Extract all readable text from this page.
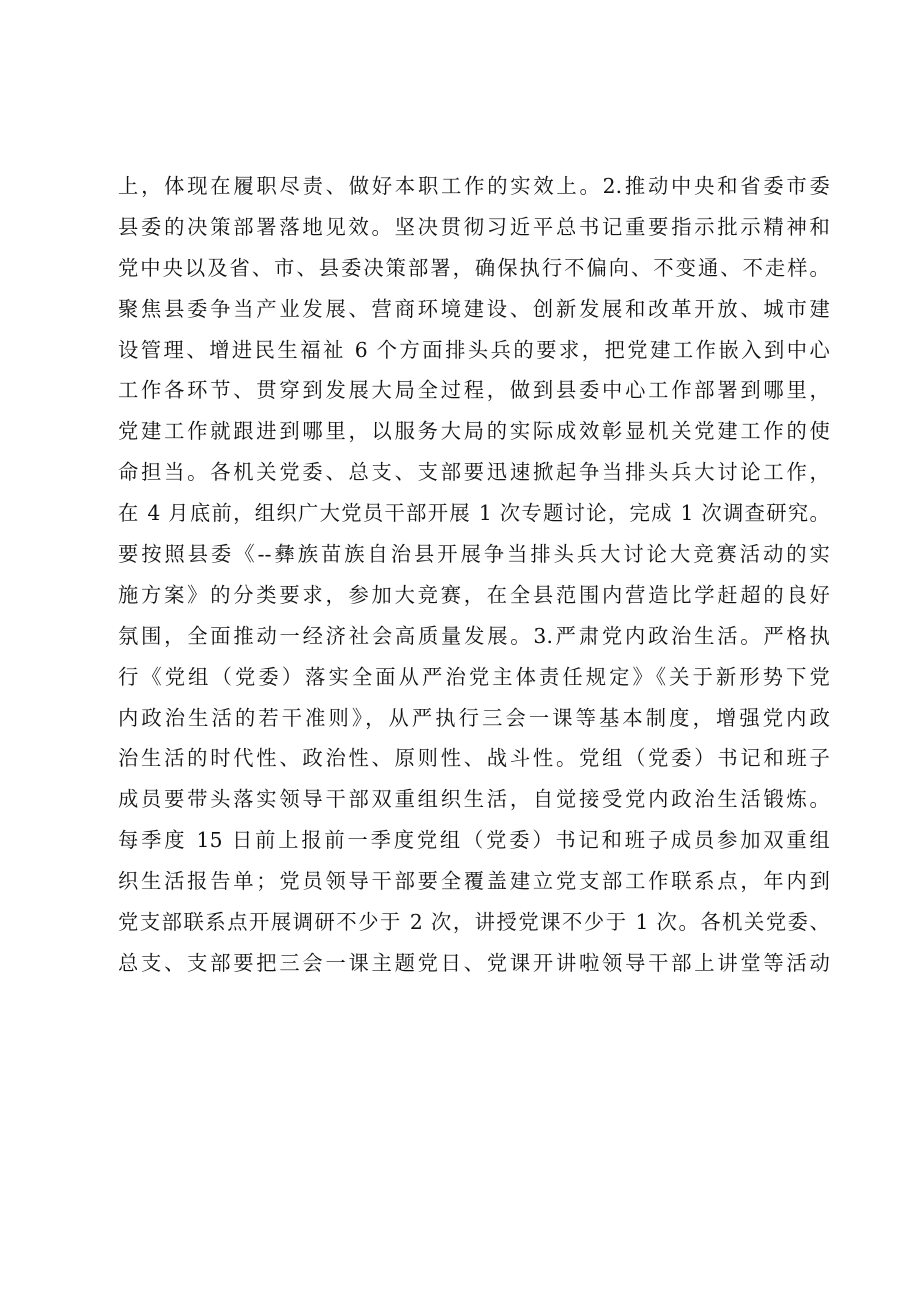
上，体现在履职尽责、做好本职工作的实效上。2.推动中央和省委市委
县委的决策部署落地见效。坚决贯彻习近平总书记重要指示批示精神和
党中央以及省、市、县委决策部署，确保执行不偏向、不变通、不走样。
聚焦县委争当产业发展、营商环境建设、创新发展和改革开放、城市建
设管理、增进民生福祉 6 个方面排头兵的要求，把党建工作嵌入到中心
工作各环节、贯穿到发展大局全过程，做到县委中心工作部署到哪里，
党建工作就跟进到哪里，以服务大局的实际成效彰显机关党建工作的使
命担当。各机关党委、总支、支部要迅速掀起争当排头兵大讨论工作，
在 4 月底前，组织广大党员干部开展 1 次专题讨论，完成 1 次调查研究。
要按照县委《--彝族苗族自治县开展争当排头兵大讨论大竞赛活动的实
施方案》的分类要求，参加大竞赛，在全县范围内营造比学赶超的良好
氛围，全面推动一经济社会高质量发展。3.严肃党内政治生活。严格执
行《党组（党委）落实全面从严治党主体责任规定》《关于新形势下党
内政治生活的若干准则》，从严执行三会一课等基本制度，增强党内政
治生活的时代性、政治性、原则性、战斗性。党组（党委）书记和班子
成员要带头落实领导干部双重组织生活，自觉接受党内政治生活锻炼。
每季度 15 日前上报前一季度党组（党委）书记和班子成员参加双重组
织生活报告单；党员领导干部要全覆盖建立党支部工作联系点，年内到
党支部联系点开展调研不少于 2 次，讲授党课不少于 1 次。各机关党委、
总支、支部要把三会一课主题党日、党课开讲啦领导干部上讲堂等活动
